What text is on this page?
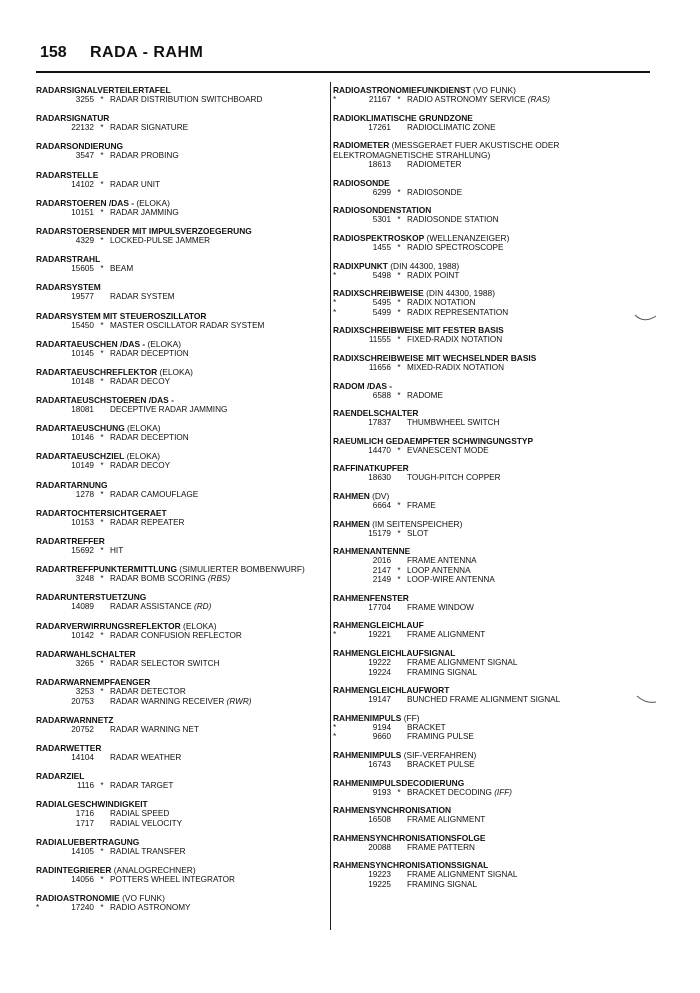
158 RADA - RAHM
RADARSIGNALVERTEILERTAFEL
3255 * RADAR DISTRIBUTION SWITCHBOARD
RADARSIGNATUR
22132 * RADAR SIGNATURE
RADARSONDIERUNG
3547 * RADAR PROBING
RADARSTELLE
14102 * RADAR UNIT
RADARSTOEREN /DAS - (ELOKA)
10151 * RADAR JAMMING
RADARSTOERSENDER MIT IMPULSVERZOEGERUNG
4329 * LOCKED-PULSE JAMMER
RADARSTRAHL
15605 * BEAM
RADARSYSTEM
19577 RADAR SYSTEM
RADARSYSTEM MIT STEUEROSZILLATOR
15450 * MASTER OSCILLATOR RADAR SYSTEM
RADARTAEUSCHEN /DAS - (ELOKA)
10145 * RADAR DECEPTION
RADARTAEUSCHREFLEKTOR (ELOKA)
10148 * RADAR DECOY
RADARTAEUSCHSTOEREN /DAS -
18081 DECEPTIVE RADAR JAMMING
RADARTAEUSCHUNG (ELOKA)
10146 * RADAR DECEPTION
RADARTAEUSCHZIEL (ELOKA)
10149 * RADAR DECOY
RADARTARNUNG
1278 * RADAR CAMOUFLAGE
RADARTOCHTERSICHTGERAET
10153 * RADAR REPEATER
RADARTREFFER
15692 * HIT
RADARTREFFPUNKTERMITTLUNG (SIMULIERTER BOMBENWURF)
3248 * RADAR BOMB SCORING (RBS)
RADARUNTERSTUETZUNG
14089 RADAR ASSISTANCE (RD)
RADARVERWIRRUNGSREFLEKTOR (ELOKA)
10142 * RADAR CONFUSION REFLECTOR
RADARWAHLSCHALTER
3265 * RADAR SELECTOR SWITCH
RADARWARNEMPFAENGER
3253 * RADAR DETECTOR
20753 RADAR WARNING RECEIVER (RWR)
RADARWARNNETZ
20752 RADAR WARNING NET
RADARWETTER
14104 RADAR WEATHER
RADARZIEL
1116 * RADAR TARGET
RADIALGESCHWINDIGKEIT
1716 RADIAL SPEED
1717 RADIAL VELOCITY
RADIALUEBERTRAGUNG
14105 * RADIAL TRANSFER
RADINTEGRIERER (ANALOGRECHNER)
14056 * POTTERS WHEEL INTEGRATOR
RADIOASTRONOMIE (VO FUNK)
*	17240 * RADIO ASTRONOMY
RADIOASTRONOMIEFUNKDIENST (VO FUNK)
*	21167 * RADIO ASTRONOMY SERVICE (RAS)
RADIOKLIMATISCHE GRUNDZONE
17261 RADIOCLIMATIC ZONE
RADIOMETER (MESSGERAET FUER AKUSTISCHE ODER
ELEKTROMAGNETISCHE STRAHLUNG)
18613 RADIOMETER
RADIOSONDE
6299 * RADIOSONDE
RADIOSONDENSTATION
5301 * RADIOSONDE STATION
RADIOSPEKTROSKOP (WELLENANZEIGER)
1455 * RADIO SPECTROSCOPE
RADIXPUNKT (DIN 44300, 1988)
*	5498 * RADIX POINT
RADIXSCHREIBWEISE (DIN 44300, 1988)
*	5495 * RADIX NOTATION
*	5499 * RADIX REPRESENTATION
RADIXSCHREIBWEISE MIT FESTER BASIS
11555 * FIXED-RADIX NOTATION
RADIXSCHREIBWEISE MIT WECHSELNDER BASIS
11656 * MIXED-RADIX NOTATION
RADOM /DAS -
6588 * RADOME
RAENDELSCHALTER
17837 THUMBWHEEL SWITCH
RAEUMLICH GEDAEMPFTER SCHWINGUNGSTYP
14470 * EVANESCENT MODE
RAFFINATKUPFER
18630 TOUGH-PITCH COPPER
RAHMEN (DV)
6664 * FRAME
RAHMEN (IM SEITENSPEICHER)
15179 * SLOT
RAHMENANTENNE
2016 FRAME ANTENNA
2147 * LOOP ANTENNA
2149 * LOOP-WIRE ANTENNA
RAHMENFENSTER
17704 FRAME WINDOW
RAHMENGLEICHLAUF
*	19221 FRAME ALIGNMENT
RAHMENGLEICHLAUFSIGNAL
19222 FRAME ALIGNMENT SIGNAL
19224 FRAMING SIGNAL
RAHMENGLEICHLAUFWORT
19147 BUNCHED FRAME ALIGNMENT SIGNAL
RAHMENIMPULS (FF)
*	9194 BRACKET
*	9660 FRAMING PULSE
RAHMENIMPULS (SIF-VERFAHREN)
16743 BRACKET PULSE
RAHMENIMPULSDECODIERUNG
9193 * BRACKET DECODING (IFF)
RAHMENSYNCHRONISATION
16508 FRAME ALIGNMENT
RAHMENSYNCHRONISATIONSFOLGE
20088 FRAME PATTERN
RAHMENSYNCHRONISATIONSSIGNAL
19223 FRAME ALIGNMENT SIGNAL
19225 FRAMING SIGNAL
